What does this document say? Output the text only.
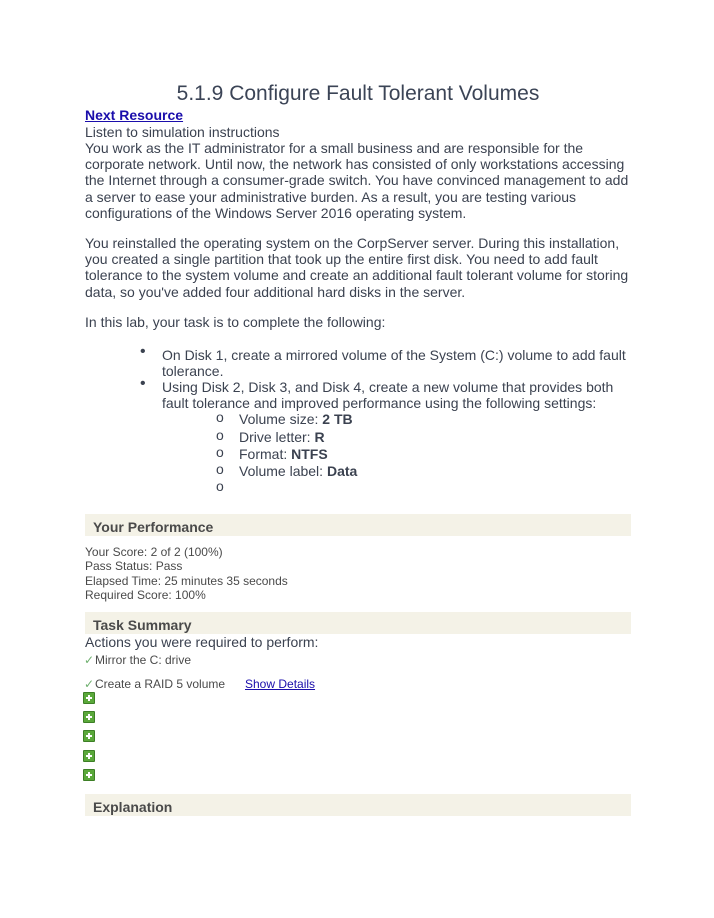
5.1.9 Configure Fault Tolerant Volumes
Next Resource
Listen to simulation instructions

You work as the IT administrator for a small business and are responsible for the corporate network. Until now, the network has consisted of only workstations accessing the Internet through a consumer-grade switch. You have convinced management to add a server to ease your administrative burden. As a result, you are testing various configurations of the Windows Server 2016 operating system.

You reinstalled the operating system on the CorpServer server. During this installation, you created a single partition that took up the entire first disk. You need to add fault tolerance to the system volume and create an additional fault tolerant volume for storing data, so you've added four additional hard disks in the server.

In this lab, your task is to complete the following:

• On Disk 1, create a mirrored volume of the System (C:) volume to add fault tolerance.
• Using Disk 2, Disk 3, and Disk 4, create a new volume that provides both fault tolerance and improved performance using the following settings:
o Volume size: 2 TB
o Drive letter: R
o Format: NTFS
o Volume label: Data
o
Your Performance
Your Score: 2 of 2 (100%)
Pass Status: Pass
Elapsed Time: 25 minutes 35 seconds
Required Score: 100%
Task Summary
Actions you were required to perform:
✓Mirror the C: drive
✓Create a RAID 5 volume Show Details
Explanation
